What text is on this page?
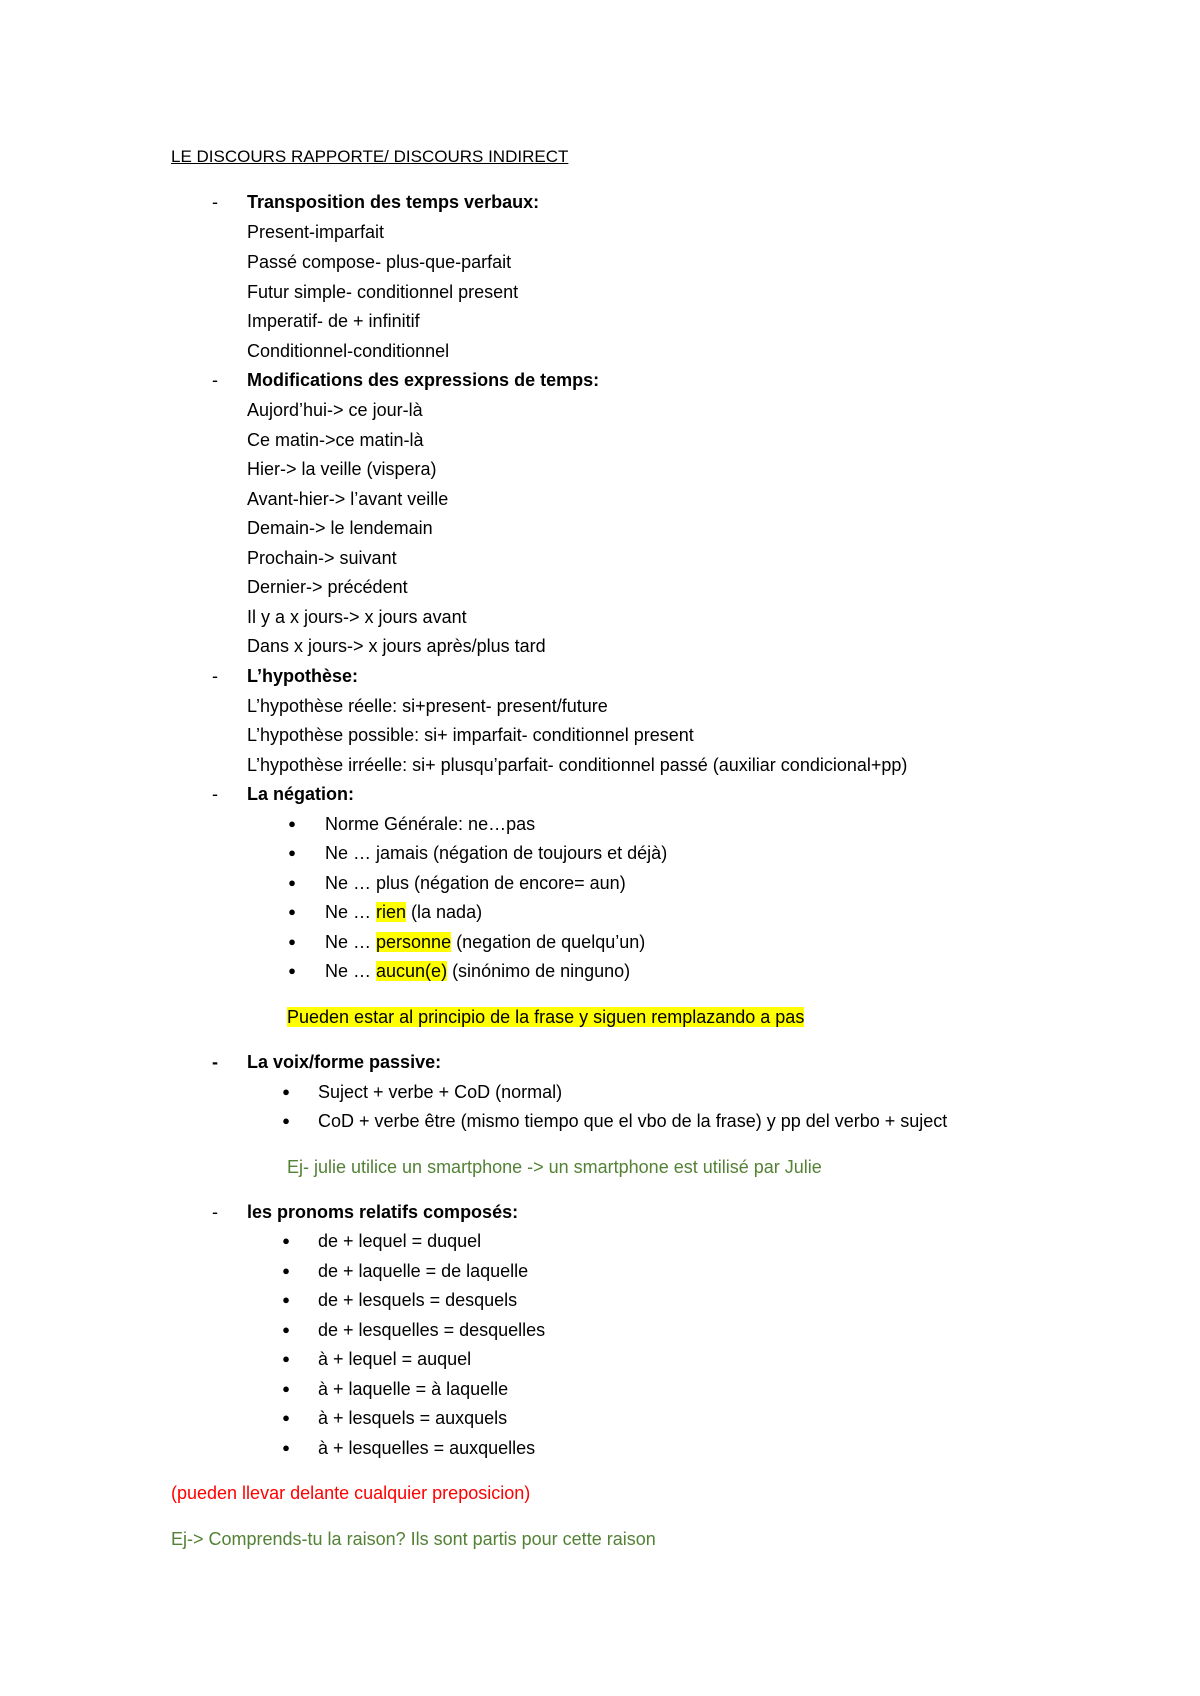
LE DISCOURS RAPPORTE/ DISCOURS INDIRECT
-	Transposition des temps verbaux:
Present-imparfait
Passé compose- plus-que-parfait
Futur simple- conditionnel present
Imperatif- de + infinitif
Conditionnel-conditionnel
-	Modifications des expressions de temps:
Aujord’hui-> ce jour-là
Ce matin->ce matin-là
Hier-> la veille (vispera)
Avant-hier-> l’avant veille
Demain-> le lendemain
Prochain-> suivant
Dernier-> précédent
Il y a x jours-> x jours avant
Dans x jours-> x jours après/plus tard
-	L’hypothèse:
L’hypothèse réelle: si+present- present/future
L’hypothèse possible: si+ imparfait- conditionnel present
L’hypothèse irréelle: si+ plusqu’parfait- conditionnel passé (auxiliar condicional+pp)
-	La négation:
● Norme Générale: ne…pas
● Ne … jamais (négation de toujours et déjà)
● Ne … plus (négation de encore= aun)
● Ne … rien (la nada)
● Ne … personne (negation de quelqu’un)
● Ne … aucun(e) (sinónimo de ninguno)
Pueden estar al principio de la frase y siguen remplazando a pas
-	La voix/forme passive:
● Suject + verbe + CoD (normal)
● CoD + verbe être (mismo tiempo que el vbo de la frase) y pp del verbo + suject
Ej- julie utilice un smartphone -> un smartphone est utilisé par Julie
-	les pronoms relatifs composés:
● de + lequel = duquel
● de + laquelle = de laquelle
● de + lesquels = desquels
● de + lesquelles = desquelles
● à + lequel = auquel
● à + laquelle = à laquelle
● à + lesquels = auxquels
● à + lesquelles = auxquelles
(pueden llevar delante cualquier preposicion)
Ej-> Comprends-tu la raison? Ils sont partis pour cette raison
